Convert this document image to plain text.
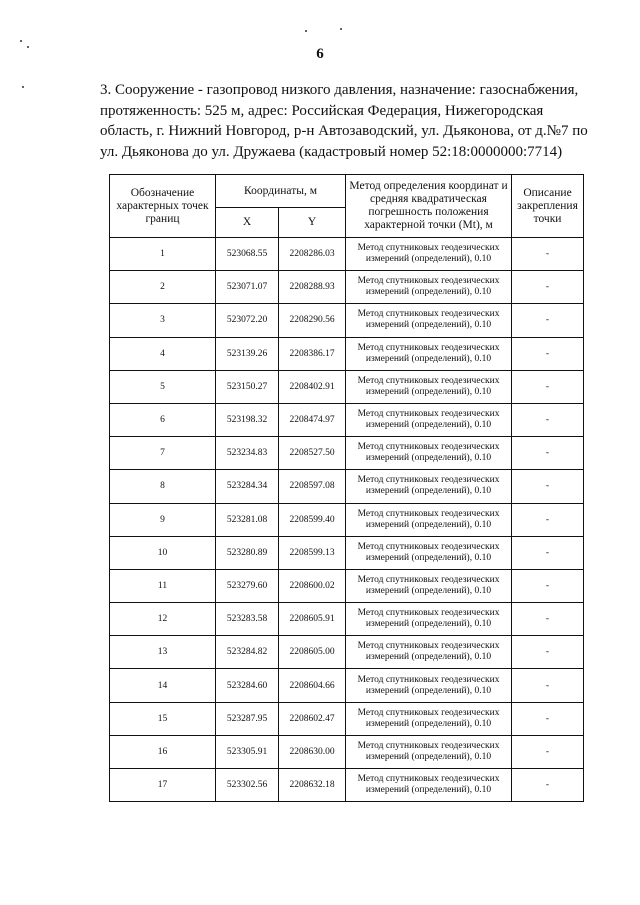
6
3. Сооружение - газопровод низкого давления, назначение: газоснабжения, протяженность: 525 м, адрес: Российская Федерация, Нижегородская область, г. Нижний Новгород, р-н Автозаводский, ул. Дьяконова, от д.№7 по ул. Дьяконова до ул. Дружаева (кадастровый номер 52:18:0000000:7714)
Обозначение характерных точек границ	Координаты, м		Метод определения координат и средняя квадратическая погрешность положения характерной точки (Mt), м	Описание закрепления точки
	X	Y		
1	523068.55	2208286.03	Метод спутниковых геодезических измерений (определений), 0.10	-
2	523071.07	2208288.93	Метод спутниковых геодезических измерений (определений), 0.10	-
3	523072.20	2208290.56	Метод спутниковых геодезических измерений (определений), 0.10	-
4	523139.26	2208386.17	Метод спутниковых геодезических измерений (определений), 0.10	-
5	523150.27	2208402.91	Метод спутниковых геодезических измерений (определений), 0.10	-
6	523198.32	2208474.97	Метод спутниковых геодезических измерений (определений), 0.10	-
7	523234.83	2208527.50	Метод спутниковых геодезических измерений (определений), 0.10	-
8	523284.34	2208597.08	Метод спутниковых геодезических измерений (определений), 0.10	-
9	523281.08	2208599.40	Метод спутниковых геодезических измерений (определений), 0.10	-
10	523280.89	2208599.13	Метод спутниковых геодезических измерений (определений), 0.10	-
11	523279.60	2208600.02	Метод спутниковых геодезических измерений (определений), 0.10	-
12	523283.58	2208605.91	Метод спутниковых геодезических измерений (определений), 0.10	-
13	523284.82	2208605.00	Метод спутниковых геодезических измерений (определений), 0.10	-
14	523284.60	2208604.66	Метод спутниковых геодезических измерений (определений), 0.10	-
15	523287.95	2208602.47	Метод спутниковых геодезических измерений (определений), 0.10	-
16	523305.91	2208630.00	Метод спутниковых геодезических измерений (определений), 0.10	-
17	523302.56	2208632.18	Метод спутниковых геодезических измерений (определений), 0.10	-
